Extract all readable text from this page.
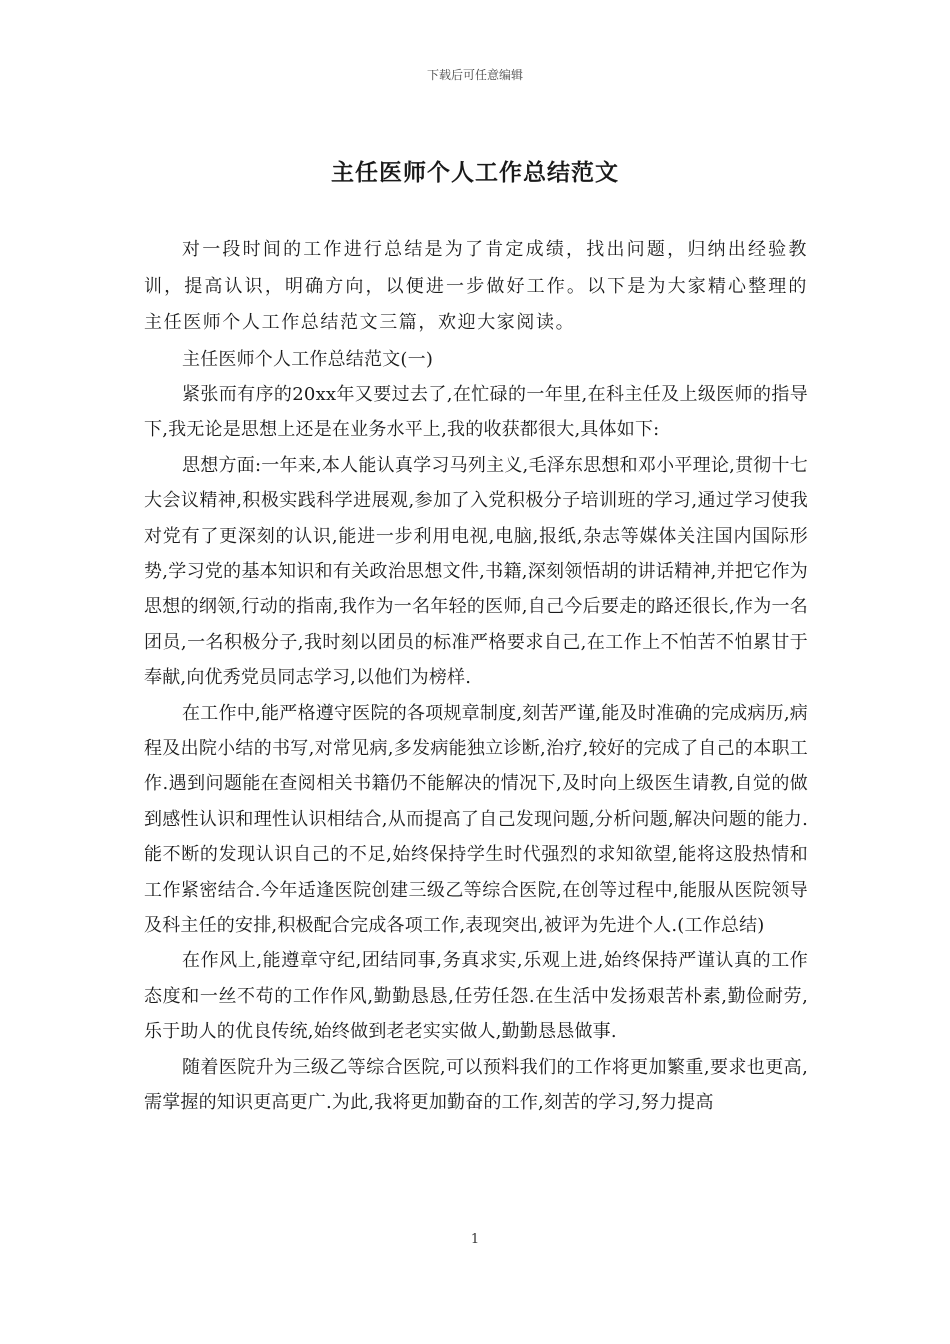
下载后可任意编辑
主任医师个人工作总结范文

对一段时间的工作进行总结是为了肯定成绩，找出问题，归纳出经验教训，提高认识，明确方向，以便进一步做好工作。以下是为大家精心整理的主任医师个人工作总结范文三篇，欢迎大家阅读。

主任医师个人工作总结范文(一)

紧张而有序的20xx年又要过去了,在忙碌的一年里,在科主任及上级医师的指导下,我无论是思想上还是在业务水平上,我的收获都很大,具体如下:

思想方面:一年来,本人能认真学习马列主义,毛泽东思想和邓小平理论,贯彻十七大会议精神,积极实践科学进展观,参加了入党积极分子培训班的学习,通过学习使我对党有了更深刻的认识,能进一步利用电视,电脑,报纸,杂志等媒体关注国内国际形势,学习党的基本知识和有关政治思想文件,书籍,深刻领悟胡的讲话精神,并把它作为思想的纲领,行动的指南,我作为一名年轻的医师,自己今后要走的路还很长,作为一名团员,一名积极分子,我时刻以团员的标准严格要求自己,在工作上不怕苦不怕累甘于奉献,向优秀党员同志学习,以他们为榜样.

在工作中,能严格遵守医院的各项规章制度,刻苦严谨,能及时准确的完成病历,病程及出院小结的书写,对常见病,多发病能独立诊断,治疗,较好的完成了自己的本职工作.遇到问题能在查阅相关书籍仍不能解决的情况下,及时向上级医生请教,自觉的做到感性认识和理性认识相结合,从而提高了自己发现问题,分析问题,解决问题的能力.能不断的发现认识自己的不足,始终保持学生时代强烈的求知欲望,能将这股热情和工作紧密结合.今年适逢医院创建三级乙等综合医院,在创等过程中,能服从医院领导及科主任的安排,积极配合完成各项工作,表现突出,被评为先进个人.(工作总结)

在作风上,能遵章守纪,团结同事,务真求实,乐观上进,始终保持严谨认真的工作态度和一丝不苟的工作作风,勤勤恳恳,任劳任怨.在生活中发扬艰苦朴素,勤俭耐劳,乐于助人的优良传统,始终做到老老实实做人,勤勤恳恳做事.

随着医院升为三级乙等综合医院,可以预料我们的工作将更加繁重,要求也更高,需掌握的知识更高更广.为此,我将更加勤奋的工作,刻苦的学习,努力提高

1
